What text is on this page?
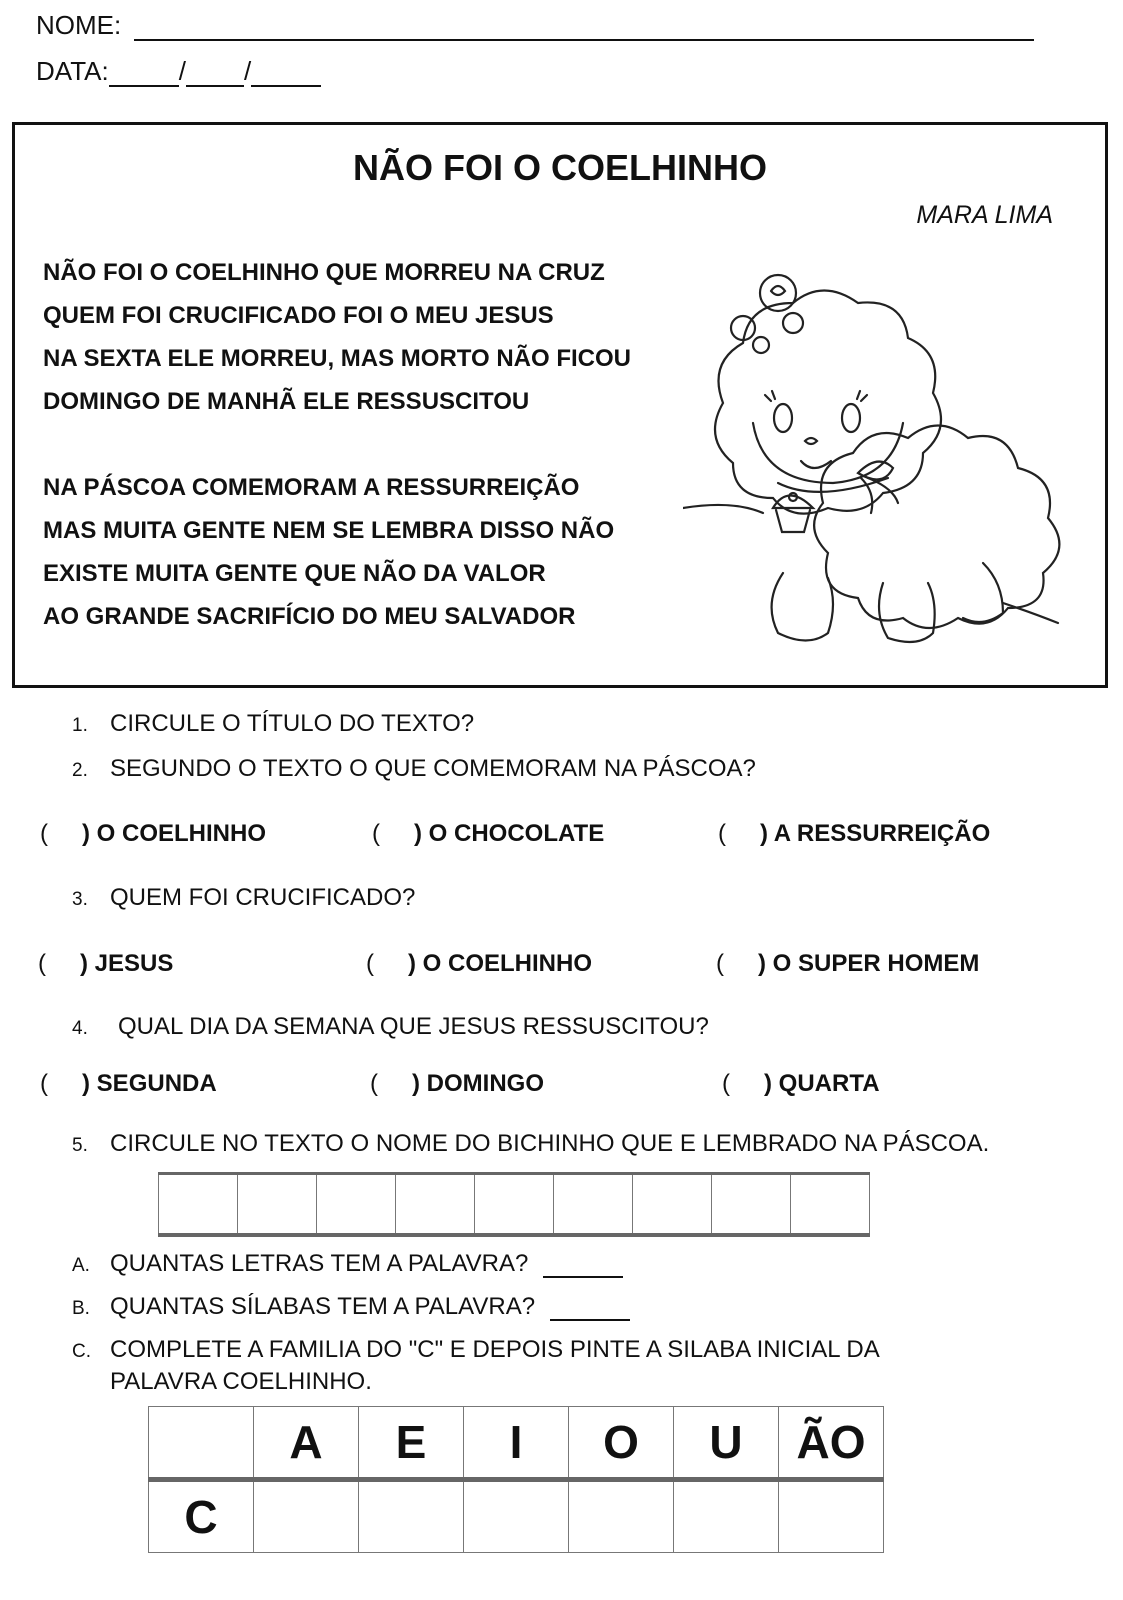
NOME:
DATA:	/ /
NÃO FOI O COELHINHO
MARA LIMA
NÃO FOI O COELHINHO QUE MORREU NA CRUZ
QUEM FOI CRUCIFICADO FOI O MEU JESUS
NA SEXTA ELE MORREU, MAS MORTO NÃO FICOU
DOMINGO DE MANHÃ ELE RESSUSCITOU
NA PÁSCOA COMEMORAM A RESSURREIÇÃO
MAS MUITA GENTE NEM SE LEMBRA DISSO NÃO
EXISTE MUITA GENTE QUE NÃO DA VALOR
AO GRANDE SACRIFÍCIO DO MEU SALVADOR
1. CIRCULE O TÍTULO DO TEXTO?
2. SEGUNDO O TEXTO O QUE COMEMORAM NA PÁSCOA?
( ) O COELHINHO	( ) O CHOCOLATE	( ) A RESSURREIÇÃO
3. QUEM FOI CRUCIFICADO?
( ) JESUS	( ) O COELHINHO	( ) O SUPER HOMEM
4. QUAL DIA DA SEMANA QUE JESUS RESSUSCITOU?
( ) SEGUNDA	( ) DOMINGO	( ) QUARTA
5. CIRCULE NO TEXTO O NOME DO BICHINHO QUE E LEMBRADO NA PÁSCOA.

A. QUANTAS LETRAS TEM A PALAVRA?
B. QUANTAS SÍLABAS TEM A PALAVRA?
C. COMPLETE A FAMILIA DO "C" E DEPOIS PINTE A SILABA INICIAL DA
PALAVRA COELHINHO.
	A	E	I	O	U	ÃO
C						
